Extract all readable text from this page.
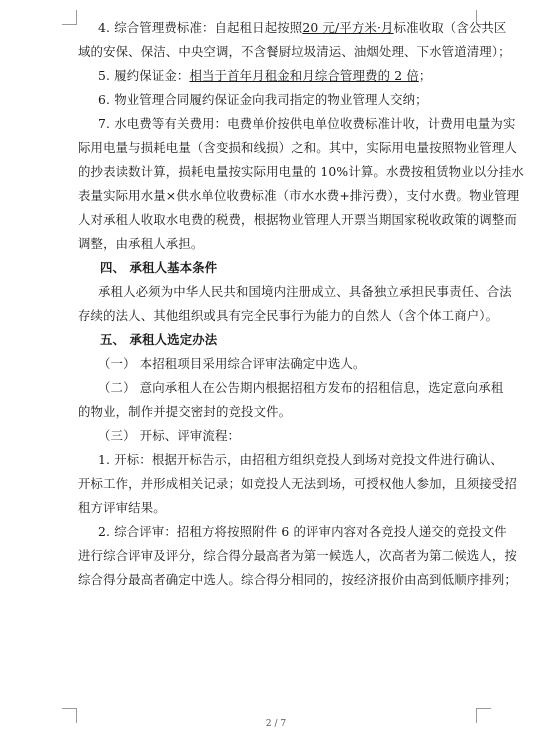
4. 综合管理费标准：自起租日起按照20 元/平方米·月标准收取（含公共区
域的安保、保洁、中央空调，不含餐厨垃圾清运、油烟处理、下水管道清理）；
5. 履约保证金：相当于首年月租金和月综合管理费的 2 倍；
6. 物业管理合同履约保证金向我司指定的物业管理人交纳；
7. 水电费等有关费用：电费单价按供电单位收费标准计收，计费用电量为实
际用电量与损耗电量（含变损和线损）之和。其中，实际用电量按照物业管理人
的抄表读数计算，损耗电量按实际用电量的 10%计算。水费按租赁物业以分挂水
表量实际用水量×供水单位收费标准（市水水费+排污费），支付水费。物业管理
人对承租人收取水电费的税费，根据物业管理人开票当期国家税收政策的调整而
调整，由承租人承担。
四、 承租人基本条件
承租人必须为中华人民共和国境内注册成立、具备独立承担民事责任、合法
存续的法人、其他组织或具有完全民事行为能力的自然人（含个体工商户）。
五、 承租人选定办法
（一） 本招租项目采用综合评审法确定中选人。
（二） 意向承租人在公告期内根据招租方发布的招租信息，选定意向承租
的物业，制作并提交密封的竞投文件。
（三） 开标、评审流程：
1. 开标：根据开标告示，由招租方组织竞投人到场对竞投文件进行确认、
开标工作，并形成相关记录；如竞投人无法到场，可授权他人参加，且须接受招
租方评审结果。
2. 综合评审：招租方将按照附件 6 的评审内容对各竞投人递交的竞投文件
进行综合评审及评分，综合得分最高者为第一候选人，次高者为第二候选人，按
综合得分最高者确定中选人。综合得分相同的，按经济报价由高到低顺序排列；
2 / 7
